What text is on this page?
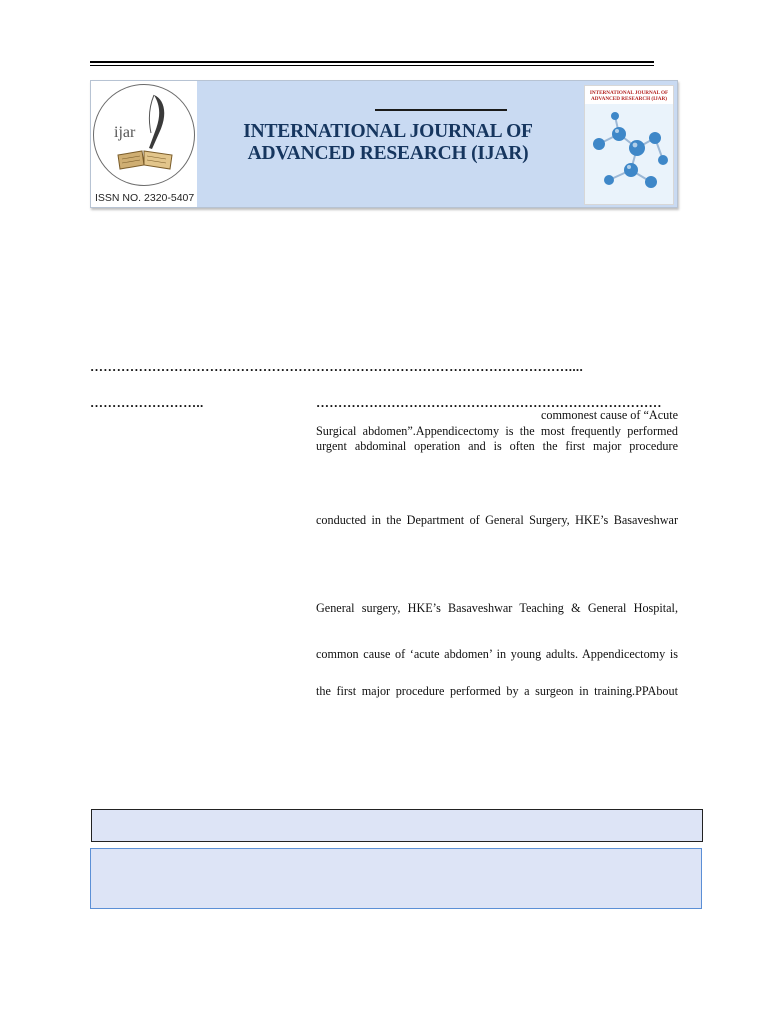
ijar
ISSN NO. 2320-5407
INTERNATIONAL JOURNAL OF
ADVANCED RESEARCH (IJAR)
INTERNATIONAL JOURNAL OF ADVANCED RESEARCH (IJAR)
………………………………………………………………………………………………....
……………………..	……………………………………………………………………
commonest cause of “Acute
Surgical abdomen”.Appendicectomy is the most frequently performed
urgent abdominal operation and is often the first major procedure
conducted in the Department of General Surgery, HKE’s Basaveshwar
General surgery, HKE’s Basaveshwar Teaching & General Hospital,
common cause of ‘acute abdomen’ in young adults. Appendicectomy is
the first major procedure performed by a surgeon in training.PPAbout
